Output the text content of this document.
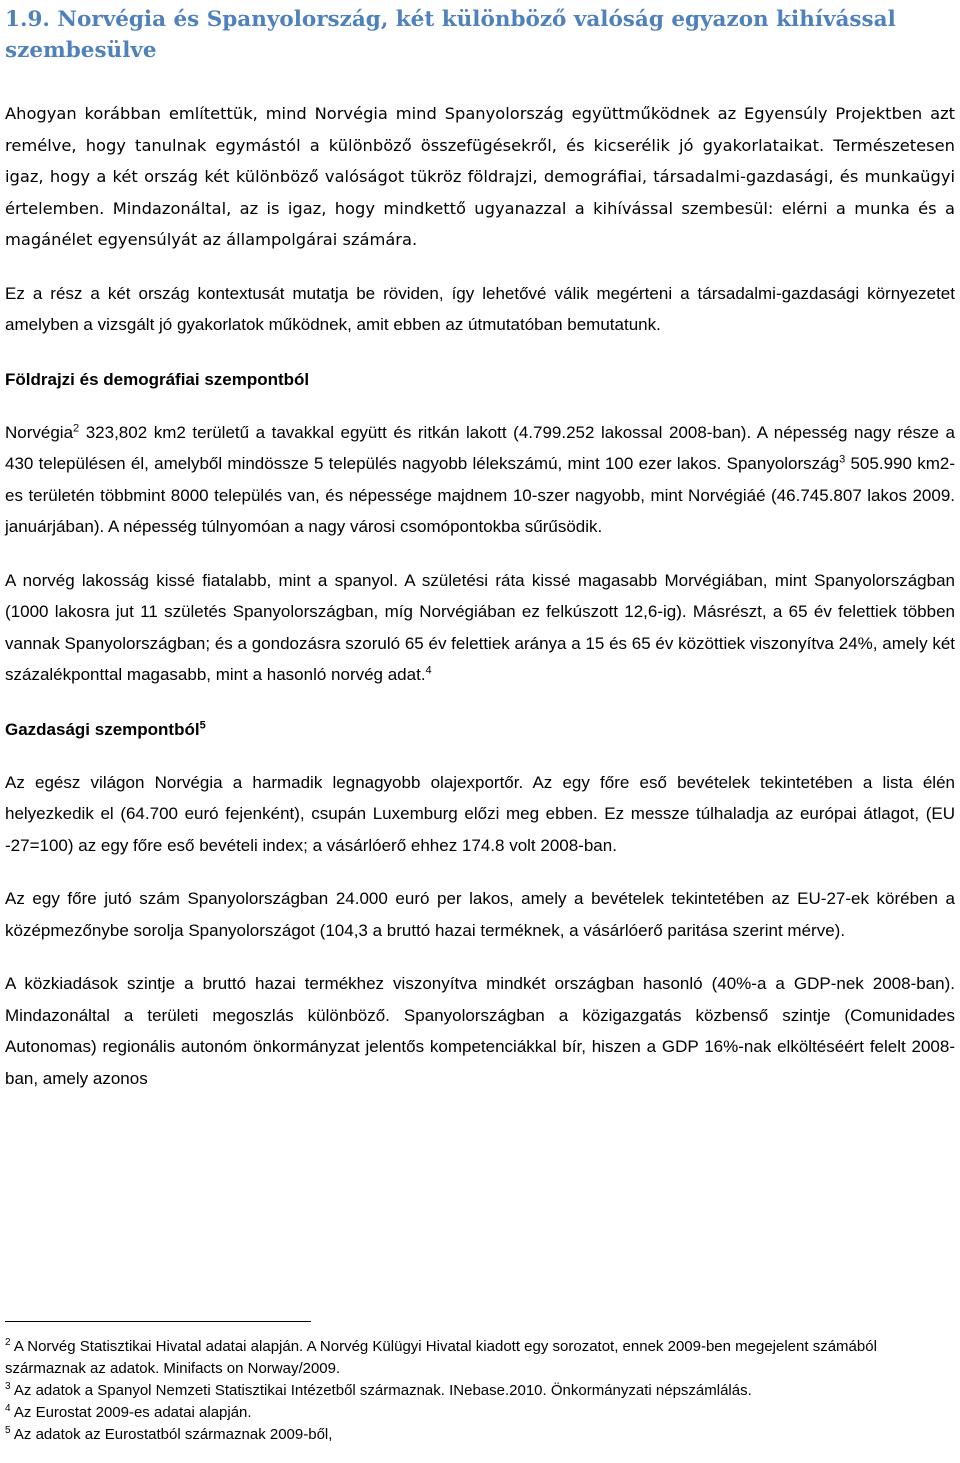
1.9. Norvégia és Spanyolország, két különböző valóság egyazon kihívással szembesülve

Ahogyan korábban említettük, mind Norvégia mind Spanyolország együttműködnek az Egyensúly Projektben azt remélve, hogy tanulnak egymástól a különböző összefügésekről, és kicserélik jó gyakorlataikat. Természetesen igaz, hogy a két ország két különböző valóságot tükröz földrajzi, demográfiai, társadalmi-gazdasági, és munkaügyi értelemben. Mindazonáltal, az is igaz, hogy mindkettő ugyanazzal a kihívással szembesül: elérni a munka és a magánélet egyensúlyát az állampolgárai számára.

Ez a rész a két ország kontextusát mutatja be röviden, így lehetővé válik megérteni a társadalmi-gazdasági környezetet amelyben a vizsgált jó gyakorlatok működnek, amit ebben az útmutatóban bemutatunk.

Földrajzi és demográfiai szempontból

Norvégia$^2$ 323,802 km2 területű a tavakkal együtt és ritkán lakott (4.799.252 lakossal 2008-ban). A népesség nagy része a 430 településen él, amelyből mindössze 5 település nagyobb lélekszámú, mint 100 ezer lakos. Spanyolország$^3$ 505.990 km2-es területén többmint 8000 település van, és népessége majdnem 10-szer nagyobb, mint Norvégiáé (46.745.807 lakos 2009. januárjában). A népesség túlnyomóan a nagy városi csomópontokba sűrűsödik.

A norvég lakosság kissé fiatalabb, mint a spanyol. A születési ráta kissé magasabb Morvégiában, mint Spanyolországban (1000 lakosra jut 11 születés Spanyolországban, míg Norvégiában ez felkúszott 12,6-ig). Másrészt, a 65 év felettiek többen vannak Spanyolországban; és a gondozásra szoruló 65 év felettiek aránya a 15 és 65 év közöttiek viszonyítva 24%, amely két százalékponttal magasabb, mint a hasonló norvég adat.$^4$

Gazdasági szempontból$^5$

Az egész világon Norvégia a harmadik legnagyobb olajexportőr. Az egy főre eső bevételek tekintetében a lista élén helyezkedik el (64.700 euró fejenként), csupán Luxemburg előzi meg ebben. Ez messze túlhaladja az európai átlagot, (EU -27=100) az egy főre eső bevételi index; a vásárlóerő ehhez 174.8 volt 2008-ban.

Az egy főre jutó szám Spanyolországban 24.000 euró per lakos, amely a bevételek tekintetében az EU-27-ek körében a középmezőnybe sorolja Spanyolországot (104,3 a bruttó hazai terméknek, a vásárlóerő paritása szerint mérve).

A közkiadások szintje a bruttó hazai termékhez viszonyítva mindkét országban hasonló (40%-a a GDP-nek 2008-ban). Mindazonáltal a területi megoszlás különböző. Spanyolországban a közigazgatás közbenső szintje (Comunidades Autonomas) regionális autonóm önkormányzat jelentős kompetenciákkal bír, hiszen a GDP 16%-nak elköltéséért felelt 2008-ban, amely azonos

$^2$ A Norvég Statisztikai Hivatal adatai alapján. A Norvég Külügyi Hivatal kiadott egy sorozatot, ennek 2009-ben megejelent számából származnak az adatok. Minifacts on Norway/2009.

$^3$ Az adatok a Spanyol Nemzeti Statisztikai Intézetből származnak. INebase.2010. Önkormányzati népszámlálás.

$^4$ Az Eurostat 2009-es adatai alapján.

$^5$ Az adatok az Eurostatból származnak 2009-ből,
